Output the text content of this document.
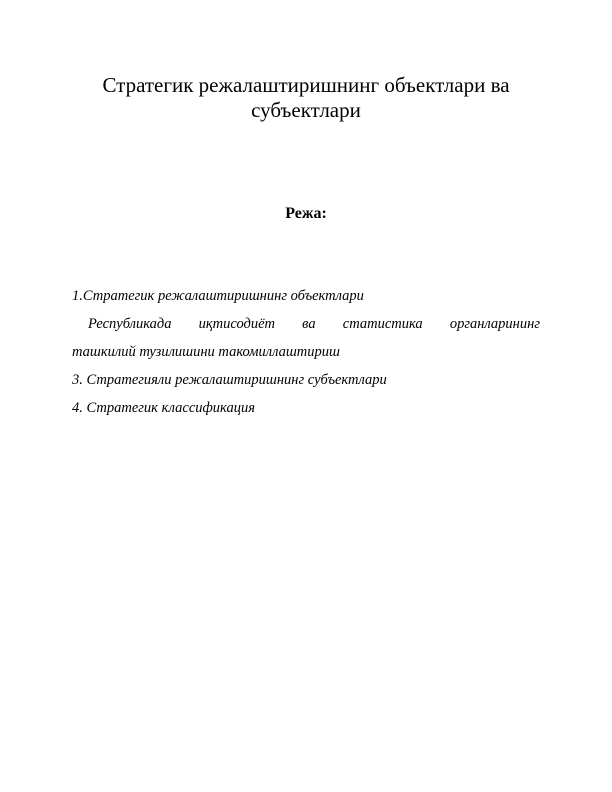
Стратегик режалаштиришнинг объектлари ва
субъектлари
Режа:
1.Стратегик режалаштиришнинг объектлари
Республикада иқтисодиёт ва статистика органларининг
ташкилий тузилишини такомиллаштириш
3. Стратегияли режалаштиришнинг субъектлари
4. Стратегик классификация
